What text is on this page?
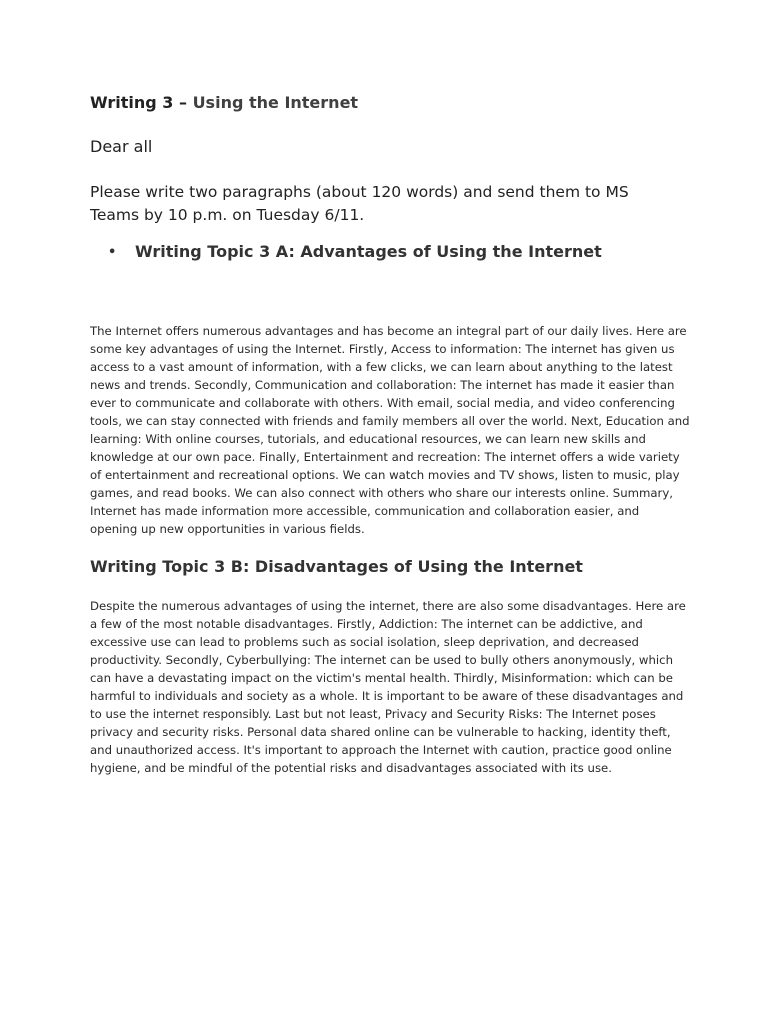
Writing 3 – Using the Internet
Dear all
Please write two paragraphs (about 120 words) and send them to MS Teams by 10 p.m. on Tuesday 6/11.
• Writing Topic 3 A: Advantages of Using the Internet
The Internet offers numerous advantages and has become an integral part of our daily lives. Here are some key advantages of using the Internet. Firstly, Access to information: The internet has given us access to a vast amount of information, with a few clicks, we can learn about anything to the latest news and trends. Secondly, Communication and collaboration: The internet has made it easier than ever to communicate and collaborate with others. With email, social media, and video conferencing tools, we can stay connected with friends and family members all over the world. Next, Education and learning: With online courses, tutorials, and educational resources, we can learn new skills and knowledge at our own pace. Finally, Entertainment and recreation: The internet offers a wide variety of entertainment and recreational options. We can watch movies and TV shows, listen to music, play games, and read books. We can also connect with others who share our interests online. Summary, Internet has made information more accessible, communication and collaboration easier, and opening up new opportunities in various fields.
Writing Topic 3 B: Disadvantages of Using the Internet
Despite the numerous advantages of using the internet, there are also some disadvantages. Here are a few of the most notable disadvantages. Firstly, Addiction: The internet can be addictive, and excessive use can lead to problems such as social isolation, sleep deprivation, and decreased productivity. Secondly, Cyberbullying: The internet can be used to bully others anonymously, which can have a devastating impact on the victim's mental health. Thirdly, Misinformation: which can be harmful to individuals and society as a whole. It is important to be aware of these disadvantages and to use the internet responsibly. Last but not least, Privacy and Security Risks: The Internet poses privacy and security risks. Personal data shared online can be vulnerable to hacking, identity theft, and unauthorized access. It's important to approach the Internet with caution, practice good online hygiene, and be mindful of the potential risks and disadvantages associated with its use.
